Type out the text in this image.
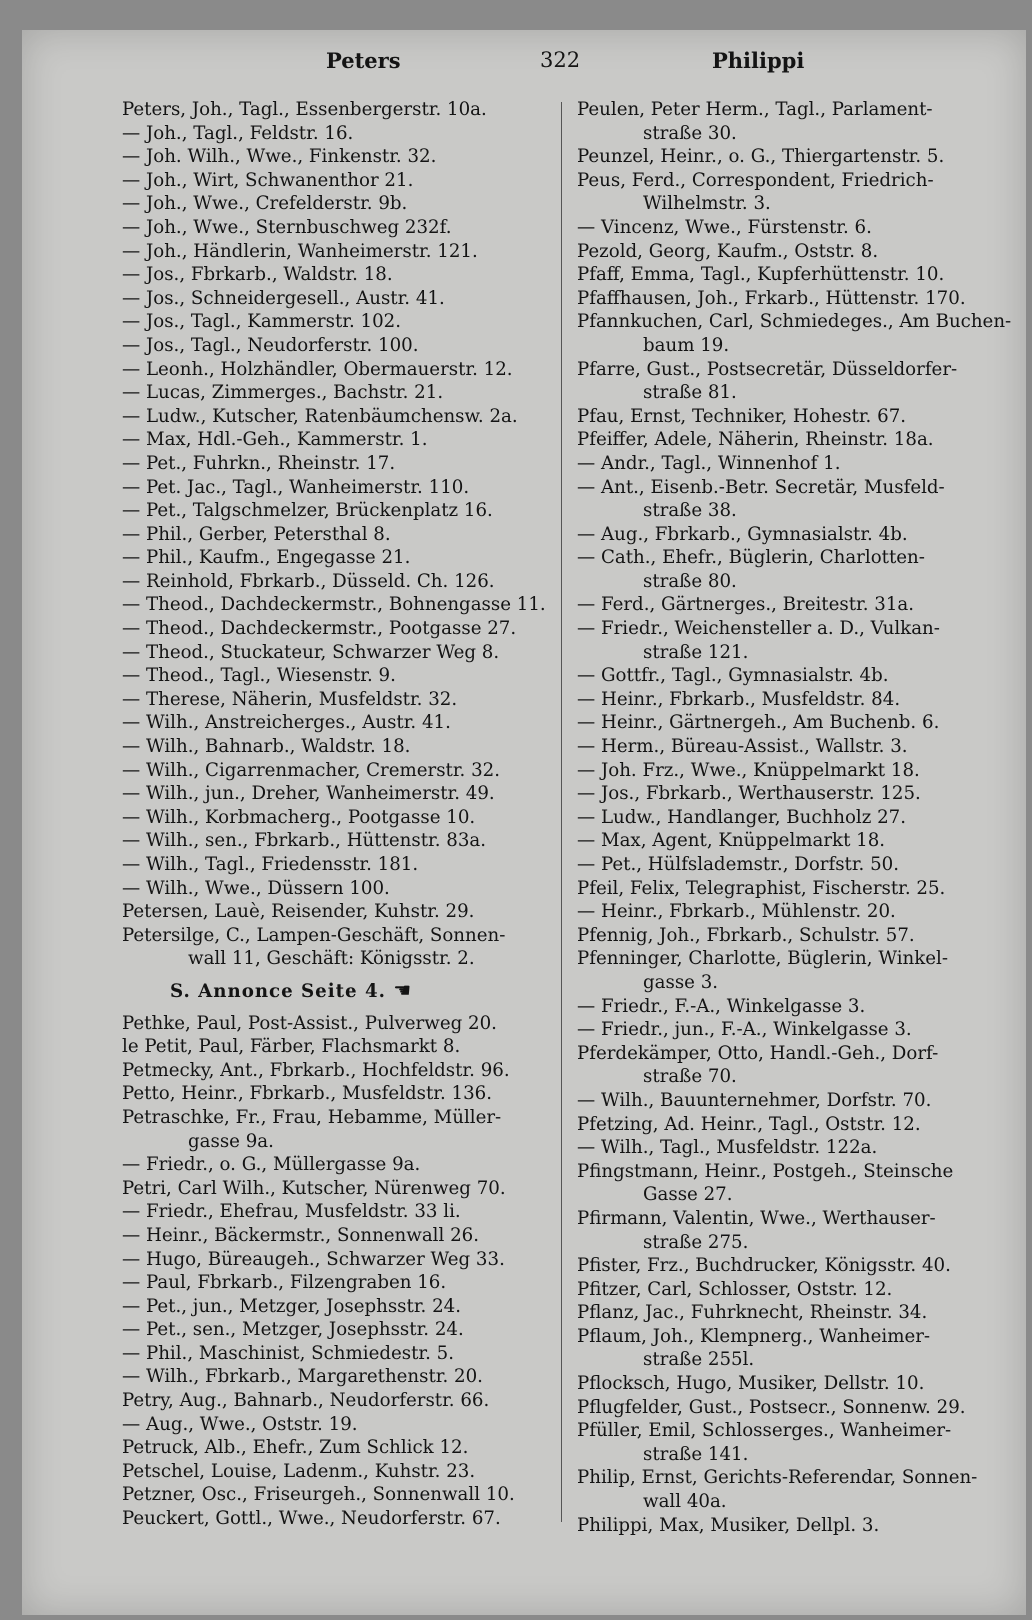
Peters	322	Philippi
Peters, Joh., Tagl., Essenbergerstr. 10a.
— Joh., Tagl., Feldstr. 16.
— Joh. Wilh., Wwe., Finkenstr. 32.
— Joh., Wirt, Schwanenthor 21.
— Joh., Wwe., Crefelderstr. 9b.
— Joh., Wwe., Sternbuschweg 232f.
— Joh., Händlerin, Wanheimerstr. 121.
— Jos., Fbrkarb., Waldstr. 18.
— Jos., Schneidergesell., Austr. 41.
— Jos., Tagl., Kammerstr. 102.
— Jos., Tagl., Neudorferstr. 100.
— Leonh., Holzhändler, Obermauerstr. 12.
— Lucas, Zimmerges., Bachstr. 21.
— Ludw., Kutscher, Ratenbäumchensw. 2a.
— Max, Hdl.-Geh., Kammerstr. 1.
— Pet., Fuhrkn., Rheinstr. 17.
— Pet. Jac., Tagl., Wanheimerstr. 110.
— Pet., Talgschmelzer, Brückenplatz 16.
— Phil., Gerber, Petersthal 8.
— Phil., Kaufm., Engegasse 21.
— Reinhold, Fbrkarb., Düsseld. Ch. 126.
— Theod., Dachdeckermstr., Bohnengasse 11.
— Theod., Dachdeckermstr., Pootgasse 27.
— Theod., Stuckateur, Schwarzer Weg 8.
— Theod., Tagl., Wiesenstr. 9.
— Therese, Näherin, Musfeldstr. 32.
— Wilh., Anstreicherges., Austr. 41.
— Wilh., Bahnarb., Waldstr. 18.
— Wilh., Cigarrenmacher, Cremerstr. 32.
— Wilh., jun., Dreher, Wanheimerstr. 49.
— Wilh., Korbmacherg., Pootgasse 10.
— Wilh., sen., Fbrkarb., Hüttenstr. 83a.
— Wilh., Tagl., Friedensstr. 181.
— Wilh., Wwe., Düssern 100.
Petersen, Lauè, Reisender, Kuhstr. 29.
Petersilge, C., Lampen-Geschäft, Sonnen-
wall 11, Geschäft: Königsstr. 2.
S. Annonce Seite 4. ☚
Pethke, Paul, Post-Assist., Pulverweg 20.
le Petit, Paul, Färber, Flachsmarkt 8.
Petmecky, Ant., Fbrkarb., Hochfeldstr. 96.
Petto, Heinr., Fbrkarb., Musfeldstr. 136.
Petraschke, Fr., Frau, Hebamme, Müller-
gasse 9a.
— Friedr., o. G., Müllergasse 9a.
Petri, Carl Wilh., Kutscher, Nürenweg 70.
— Friedr., Ehefrau, Musfeldstr. 33 li.
— Heinr., Bäckermstr., Sonnenwall 26.
— Hugo, Büreaugeh., Schwarzer Weg 33.
— Paul, Fbrkarb., Filzengraben 16.
— Pet., jun., Metzger, Josephsstr. 24.
— Pet., sen., Metzger, Josephsstr. 24.
— Phil., Maschinist, Schmiedestr. 5.
— Wilh., Fbrkarb., Margarethenstr. 20.
Petry, Aug., Bahnarb., Neudorferstr. 66.
— Aug., Wwe., Oststr. 19.
Petruck, Alb., Ehefr., Zum Schlick 12.
Petschel, Louise, Ladenm., Kuhstr. 23.
Petzner, Osc., Friseurgeh., Sonnenwall 10.
Peuckert, Gottl., Wwe., Neudorferstr. 67.
Peulen, Peter Herm., Tagl., Parlament-
straße 30.
Peunzel, Heinr., o. G., Thiergartenstr. 5.
Peus, Ferd., Correspondent, Friedrich-
Wilhelmstr. 3.
— Vincenz, Wwe., Fürstenstr. 6.
Pezold, Georg, Kaufm., Oststr. 8.
Pfaff, Emma, Tagl., Kupferhüttenstr. 10.
Pfaffhausen, Joh., Frkarb., Hüttenstr. 170.
Pfannkuchen, Carl, Schmiedeges., Am Buchen-
baum 19.
Pfarre, Gust., Postsecretär, Düsseldorfer-
straße 81.
Pfau, Ernst, Techniker, Hohestr. 67.
Pfeiffer, Adele, Näherin, Rheinstr. 18a.
— Andr., Tagl., Winnenhof 1.
— Ant., Eisenb.-Betr. Secretär, Musfeld-
straße 38.
— Aug., Fbrkarb., Gymnasialstr. 4b.
— Cath., Ehefr., Büglerin, Charlotten-
straße 80.
— Ferd., Gärtnerges., Breitestr. 31a.
— Friedr., Weichensteller a. D., Vulkan-
straße 121.
— Gottfr., Tagl., Gymnasialstr. 4b.
— Heinr., Fbrkarb., Musfeldstr. 84.
— Heinr., Gärtnergeh., Am Buchenb. 6.
— Herm., Büreau-Assist., Wallstr. 3.
— Joh. Frz., Wwe., Knüppelmarkt 18.
— Jos., Fbrkarb., Werthauserstr. 125.
— Ludw., Handlanger, Buchholz 27.
— Max, Agent, Knüppelmarkt 18.
— Pet., Hülfslademstr., Dorfstr. 50.
Pfeil, Felix, Telegraphist, Fischerstr. 25.
— Heinr., Fbrkarb., Mühlenstr. 20.
Pfennig, Joh., Fbrkarb., Schulstr. 57.
Pfenninger, Charlotte, Büglerin, Winkel-
gasse 3.
— Friedr., F.-A., Winkelgasse 3.
— Friedr., jun., F.-A., Winkelgasse 3.
Pferdekämper, Otto, Handl.-Geh., Dorf-
straße 70.
— Wilh., Bauunternehmer, Dorfstr. 70.
Pfetzing, Ad. Heinr., Tagl., Oststr. 12.
— Wilh., Tagl., Musfeldstr. 122a.
Pfingstmann, Heinr., Postgeh., Steinsche
Gasse 27.
Pfirmann, Valentin, Wwe., Werthauser-
straße 275.
Pfister, Frz., Buchdrucker, Königsstr. 40.
Pfitzer, Carl, Schlosser, Oststr. 12.
Pflanz, Jac., Fuhrknecht, Rheinstr. 34.
Pflaum, Joh., Klempnerg., Wanheimer-
straße 255l.
Pflocksch, Hugo, Musiker, Dellstr. 10.
Pflugfelder, Gust., Postsecr., Sonnenw. 29.
Pfüller, Emil, Schlosserges., Wanheimer-
straße 141.
Philip, Ernst, Gerichts-Referendar, Sonnen-
wall 40a.
Philippi, Max, Musiker, Dellpl. 3.
